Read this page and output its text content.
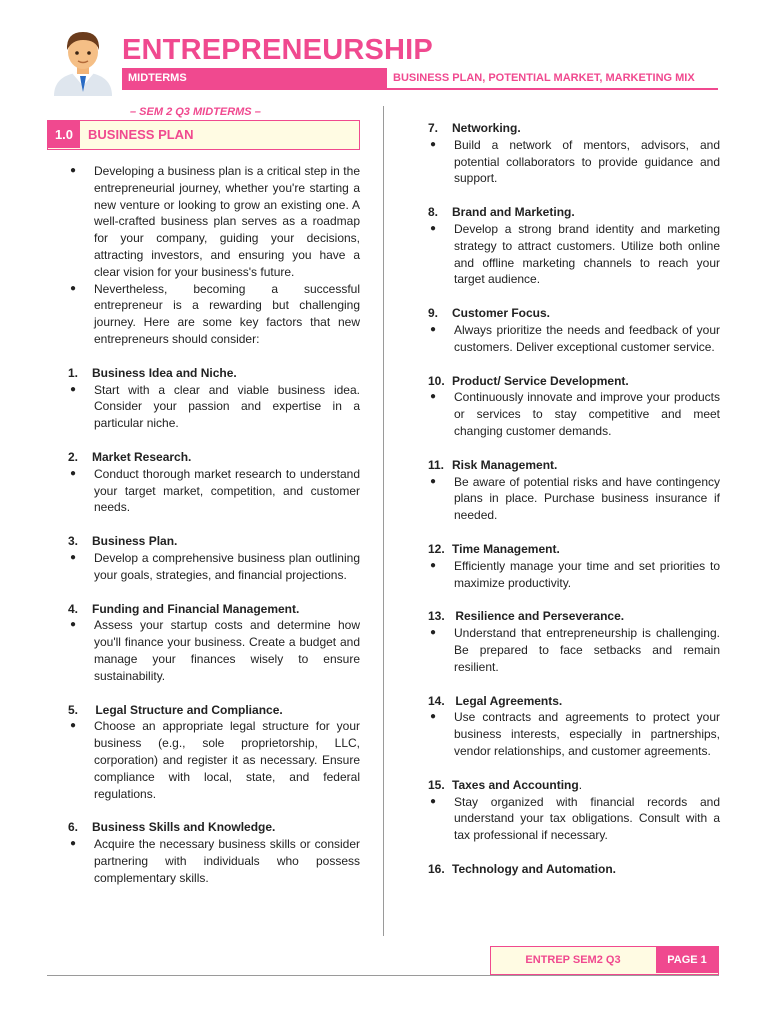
ENTREPRENEURSHIP
MIDTERMS	BUSINESS PLAN, POTENTIAL MARKET, MARKETING MIX
– SEM 2 Q3 MIDTERMS –
1.0	BUSINESS PLAN
●	Developing a business plan is a critical step in the entrepreneurial journey, whether you're starting a new venture or looking to grow an existing one. A well-crafted business plan serves as a roadmap for your company, guiding your decisions, attracting investors, and ensuring you have a clear vision for your business's future.
●	Nevertheless, becoming a successful entrepreneur is a rewarding but challenging journey. Here are some key factors that new entrepreneurs should consider:
1.	Business Idea and Niche.
●	Start with a clear and viable business idea. Consider your passion and expertise in a particular niche.
2.	Market Research.
●	Conduct thorough market research to understand your target market, competition, and customer needs.
3.	Business Plan.
●	Develop a comprehensive business plan outlining your goals, strategies, and financial projections.
4.	Funding and Financial Management.
●	Assess your startup costs and determine how you'll finance your business. Create a budget and manage your finances wisely to ensure sustainability.
5.	Legal Structure and Compliance.
●	Choose an appropriate legal structure for your business (e.g., sole proprietorship, LLC, corporation) and register it as necessary. Ensure compliance with local, state, and federal regulations.
6.	Business Skills and Knowledge.
●	Acquire the necessary business skills or consider partnering with individuals who possess complementary skills.
7.	Networking.
●	Build a network of mentors, advisors, and potential collaborators to provide guidance and support.
8.	Brand and Marketing.
●	Develop a strong brand identity and marketing strategy to attract customers. Utilize both online and offline marketing channels to reach your target audience.
9.	Customer Focus.
●	Always prioritize the needs and feedback of your customers. Deliver exceptional customer service.
10. Product/ Service Development.
●	Continuously innovate and improve your products or services to stay competitive and meet changing customer demands.
11. Risk Management.
●	Be aware of potential risks and have contingency plans in place. Purchase business insurance if needed.
12. Time Management.
●	Efficiently manage your time and set priorities to maximize productivity.
13. Resilience and Perseverance.
●	Understand that entrepreneurship is challenging. Be prepared to face setbacks and remain resilient.
14. Legal Agreements.
●	Use contracts and agreements to protect your business interests, especially in partnerships, vendor relationships, and customer agreements.
15. Taxes and Accounting .
●	Stay organized with financial records and understand your tax obligations. Consult with a tax professional if necessary.
16. Technology and Automation.
ENTREP SEM2 Q3	PAGE 1
